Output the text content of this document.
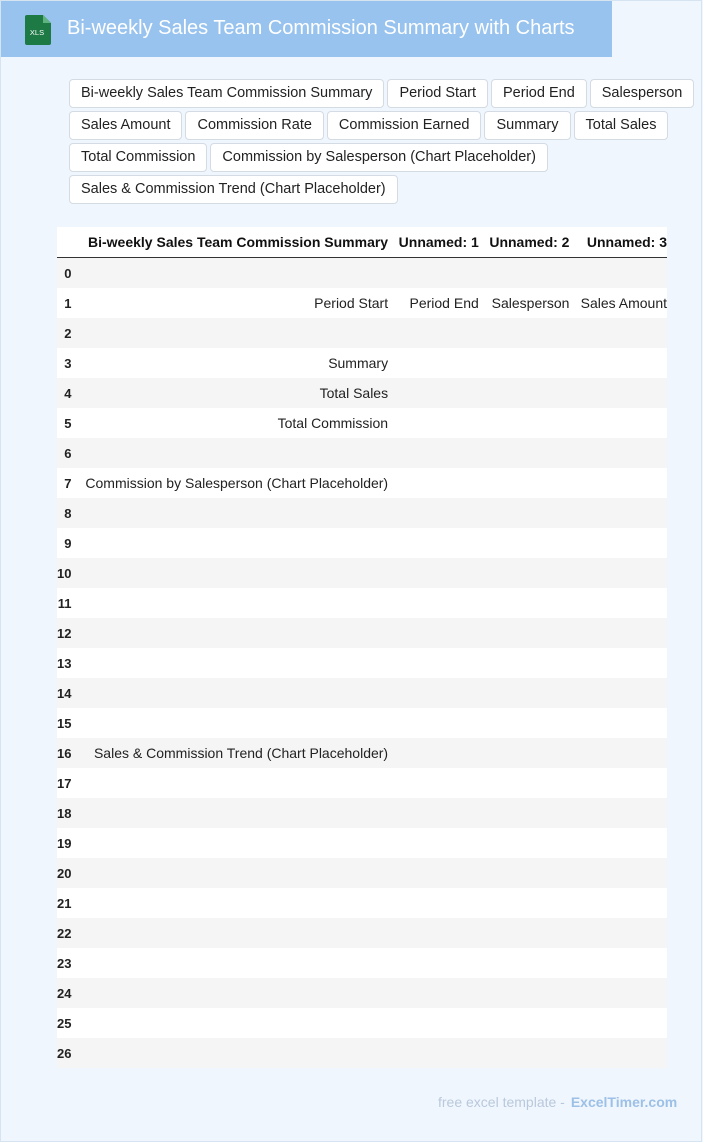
XLS Bi-weekly Sales Team Commission Summary with Charts
Bi-weekly Sales Team Commission Summary	Period Start	Period End	Salesperson
Sales Amount	Commission Rate	Commission Earned	Summary	Total Sales
Total Commission	Commission by Salesperson (Chart Placeholder)
Sales & Commission Trend (Chart Placeholder)
	Bi-weekly Sales Team Commission Summary	Unnamed: 1	Unnamed: 2	Unnamed: 3
0				
1	Period Start	Period End	Salesperson	Sales Amount
2				
3	Summary			
4	Total Sales			
5	Total Commission			
6				
7	Commission by Salesperson (Chart Placeholder)			
8				
9				
10				
11				
12				
13				
14				
15				
16	Sales & Commission Trend (Chart Placeholder)			
17				
18				
19				
20				
21				
22				
23				
24				
25				
26				
free excel template - ExcelTimer.com
